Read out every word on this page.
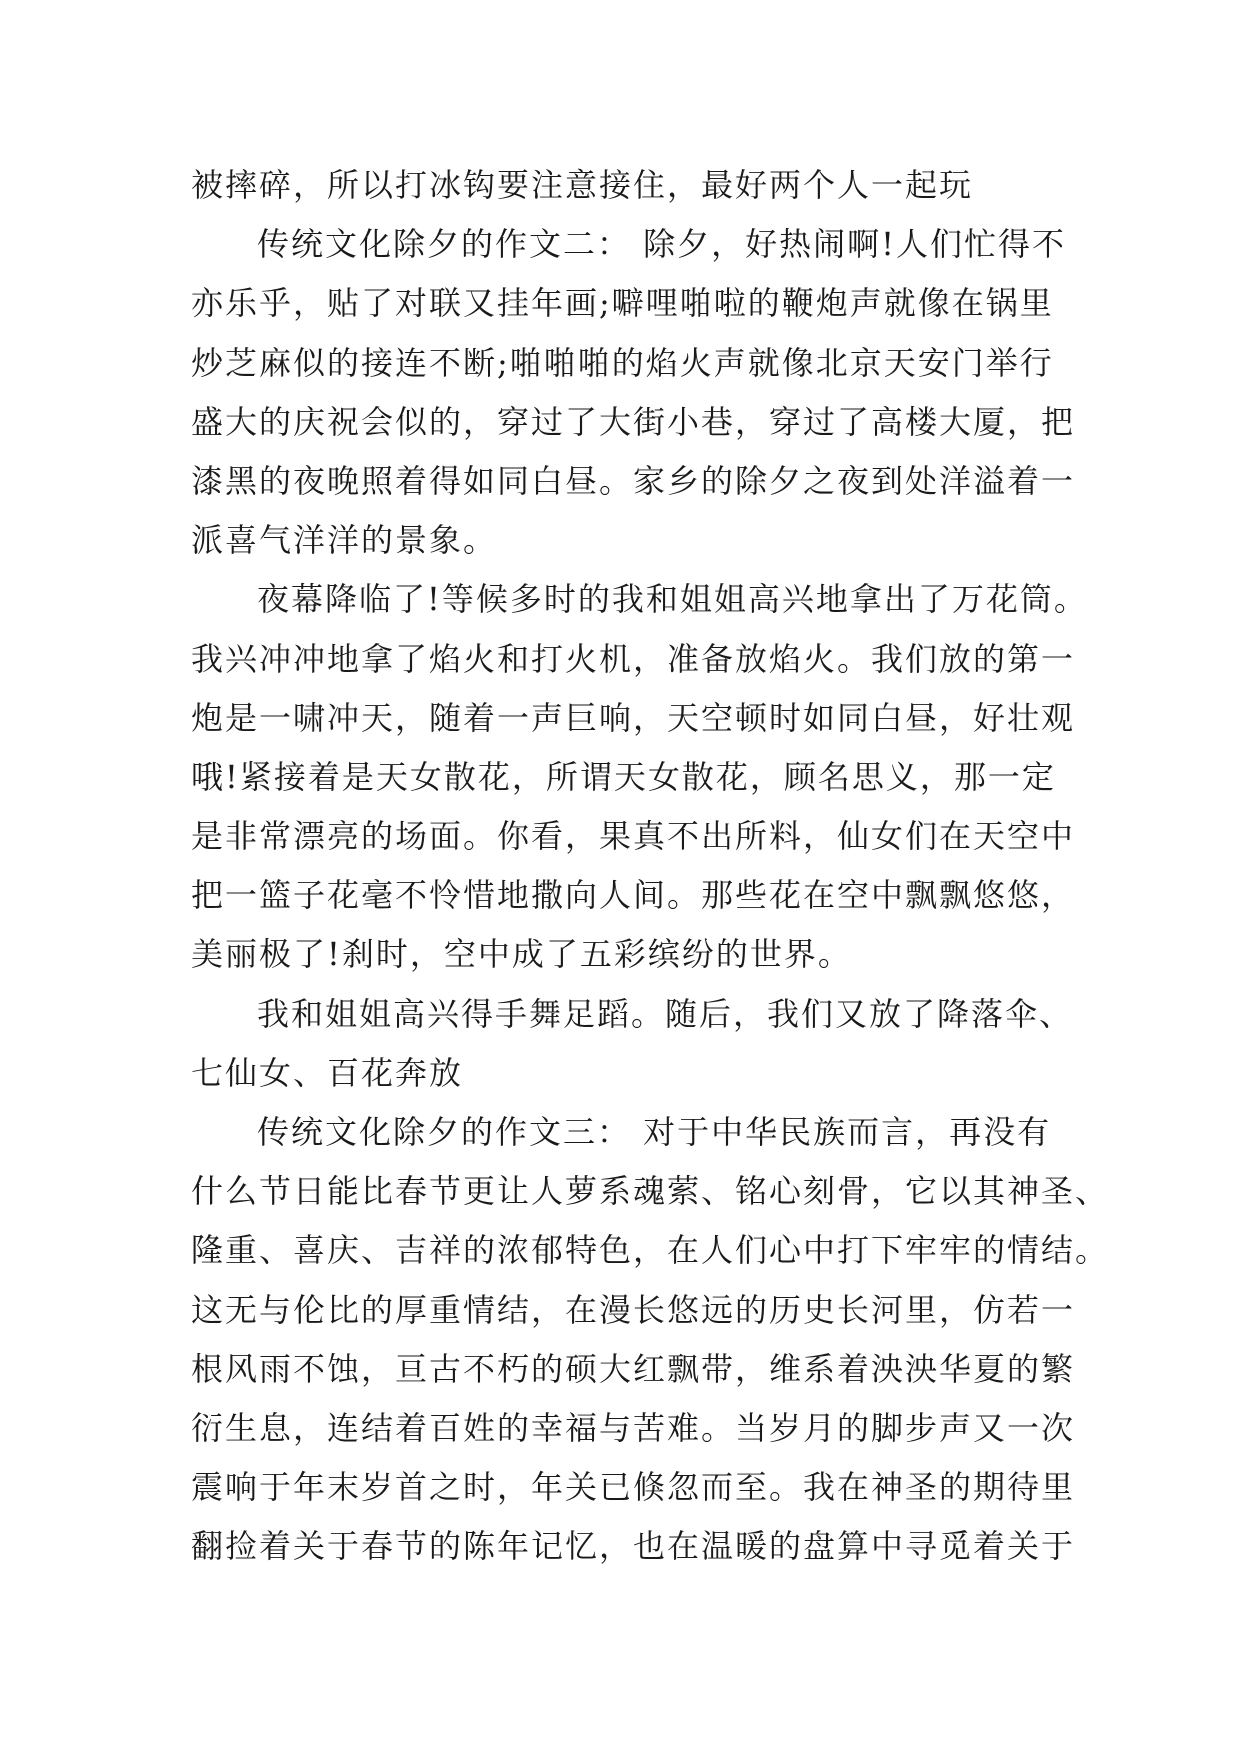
被摔碎，所以打冰钩要注意接住，最好两个人一起玩
传统文化除夕的作文二： 除夕，好热闹啊!人们忙得不
亦乐乎，贴了对联又挂年画;噼哩啪啦的鞭炮声就像在锅里
炒芝麻似的接连不断;啪啪啪的焰火声就像北京天安门举行
盛大的庆祝会似的，穿过了大街小巷，穿过了高楼大厦，把
漆黑的夜晚照着得如同白昼。家乡的除夕之夜到处洋溢着一
派喜气洋洋的景象。
夜幕降临了!等候多时的我和姐姐高兴地拿出了万花筒。
我兴冲冲地拿了焰火和打火机，准备放焰火。我们放的第一
炮是一啸冲天，随着一声巨响，天空顿时如同白昼，好壮观
哦!紧接着是天女散花，所谓天女散花，顾名思义，那一定
是非常漂亮的场面。你看，果真不出所料，仙女们在天空中
把一篮子花毫不怜惜地撒向人间。那些花在空中飘飘悠悠，
美丽极了!刹时，空中成了五彩缤纷的世界。
我和姐姐高兴得手舞足蹈。随后，我们又放了降落伞、
七仙女、百花奔放
传统文化除夕的作文三： 对于中华民族而言，再没有
什么节日能比春节更让人萝系魂萦、铭心刻骨，它以其神圣、
隆重、喜庆、吉祥的浓郁特色，在人们心中打下牢牢的情结。
这无与伦比的厚重情结，在漫长悠远的历史长河里，仿若一
根风雨不蚀，亘古不朽的硕大红飘带，维系着泱泱华夏的繁
衍生息，连结着百姓的幸福与苦难。当岁月的脚步声又一次
震响于年末岁首之时，年关已倏忽而至。我在神圣的期待里
翻捡着关于春节的陈年记忆，也在温暖的盘算中寻觅着关于
